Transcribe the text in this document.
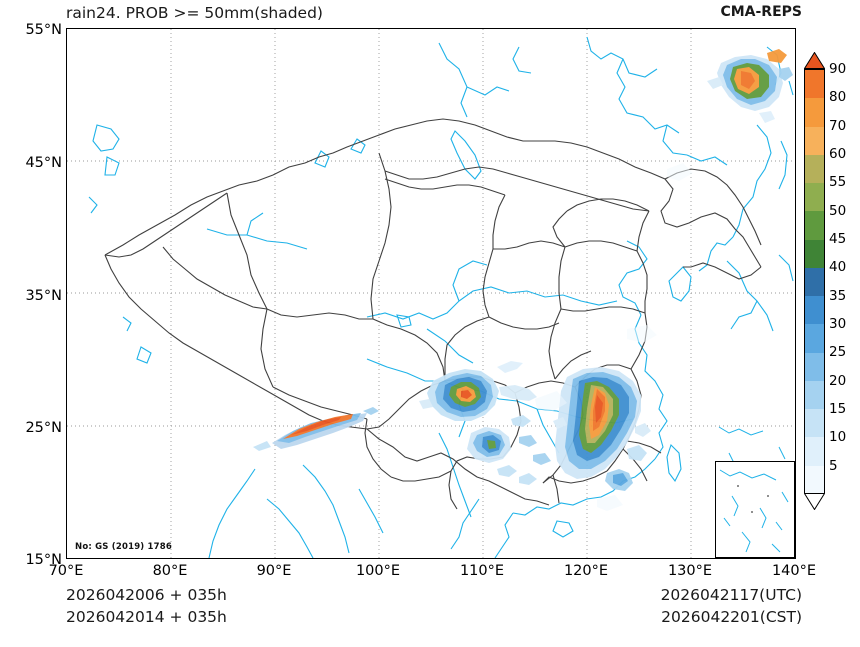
rain24. PROB >= 50mm(shaded)	CMA-REPS
55°N
45°N
35°N
25°N
15°N
70°E	80°E	90°E	100°E	110°E	120°E	130°E	140°E
No: GS (2019) 1786
90
80
70
60
55
50
45
40
35
30
25
20
15
10
5
2026042006 + 035h
2026042014 + 035h
2026042117(UTC)
2026042201(CST)
